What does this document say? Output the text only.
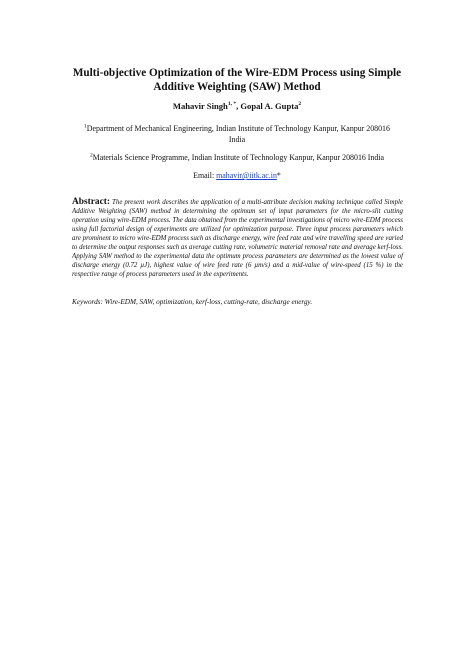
Multi-objective Optimization of the Wire-EDM Process using Simple
Additive Weighting (SAW) Method
Mahavir Singh$^{1, *}$, Gopal A. Gupta$^2$
$^1$Department of Mechanical Engineering, Indian Institute of Technology Kanpur, Kanpur 208016
India
$^2$Materials Science Programme, Indian Institute of Technology Kanpur, Kanpur 208016 India
Email: mahavir@iitk.ac.in*

Abstract: The present work describes the application of a multi-attribute decision making technique called Simple Additive Weighting (SAW) method in determining the optimum set of input parameters for the micro-slit cutting operation using wire-EDM process. The data obtained from the experimental investigations of micro wire-EDM process using full factorial design of experiments are utilized for optimization purpose. Three input process parameters which are prominent to micro wire-EDM process such as discharge energy, wire feed rate and wire travelling speed are varied to determine the output responses such as average cutting rate, volumetric material removal rate and average kerf-loss. Applying SAW method to the experimental data the optimum process parameters are determined as the lowest value of discharge energy (0.72 µJ), highest value of wire feed rate (6 µm/s) and a mid-value of wire-speed (15 %) in the respective range of process parameters used in the experiments.

Keywords: Wire-EDM, SAW, optimization, kerf-loss, cutting-rate, discharge energy.
